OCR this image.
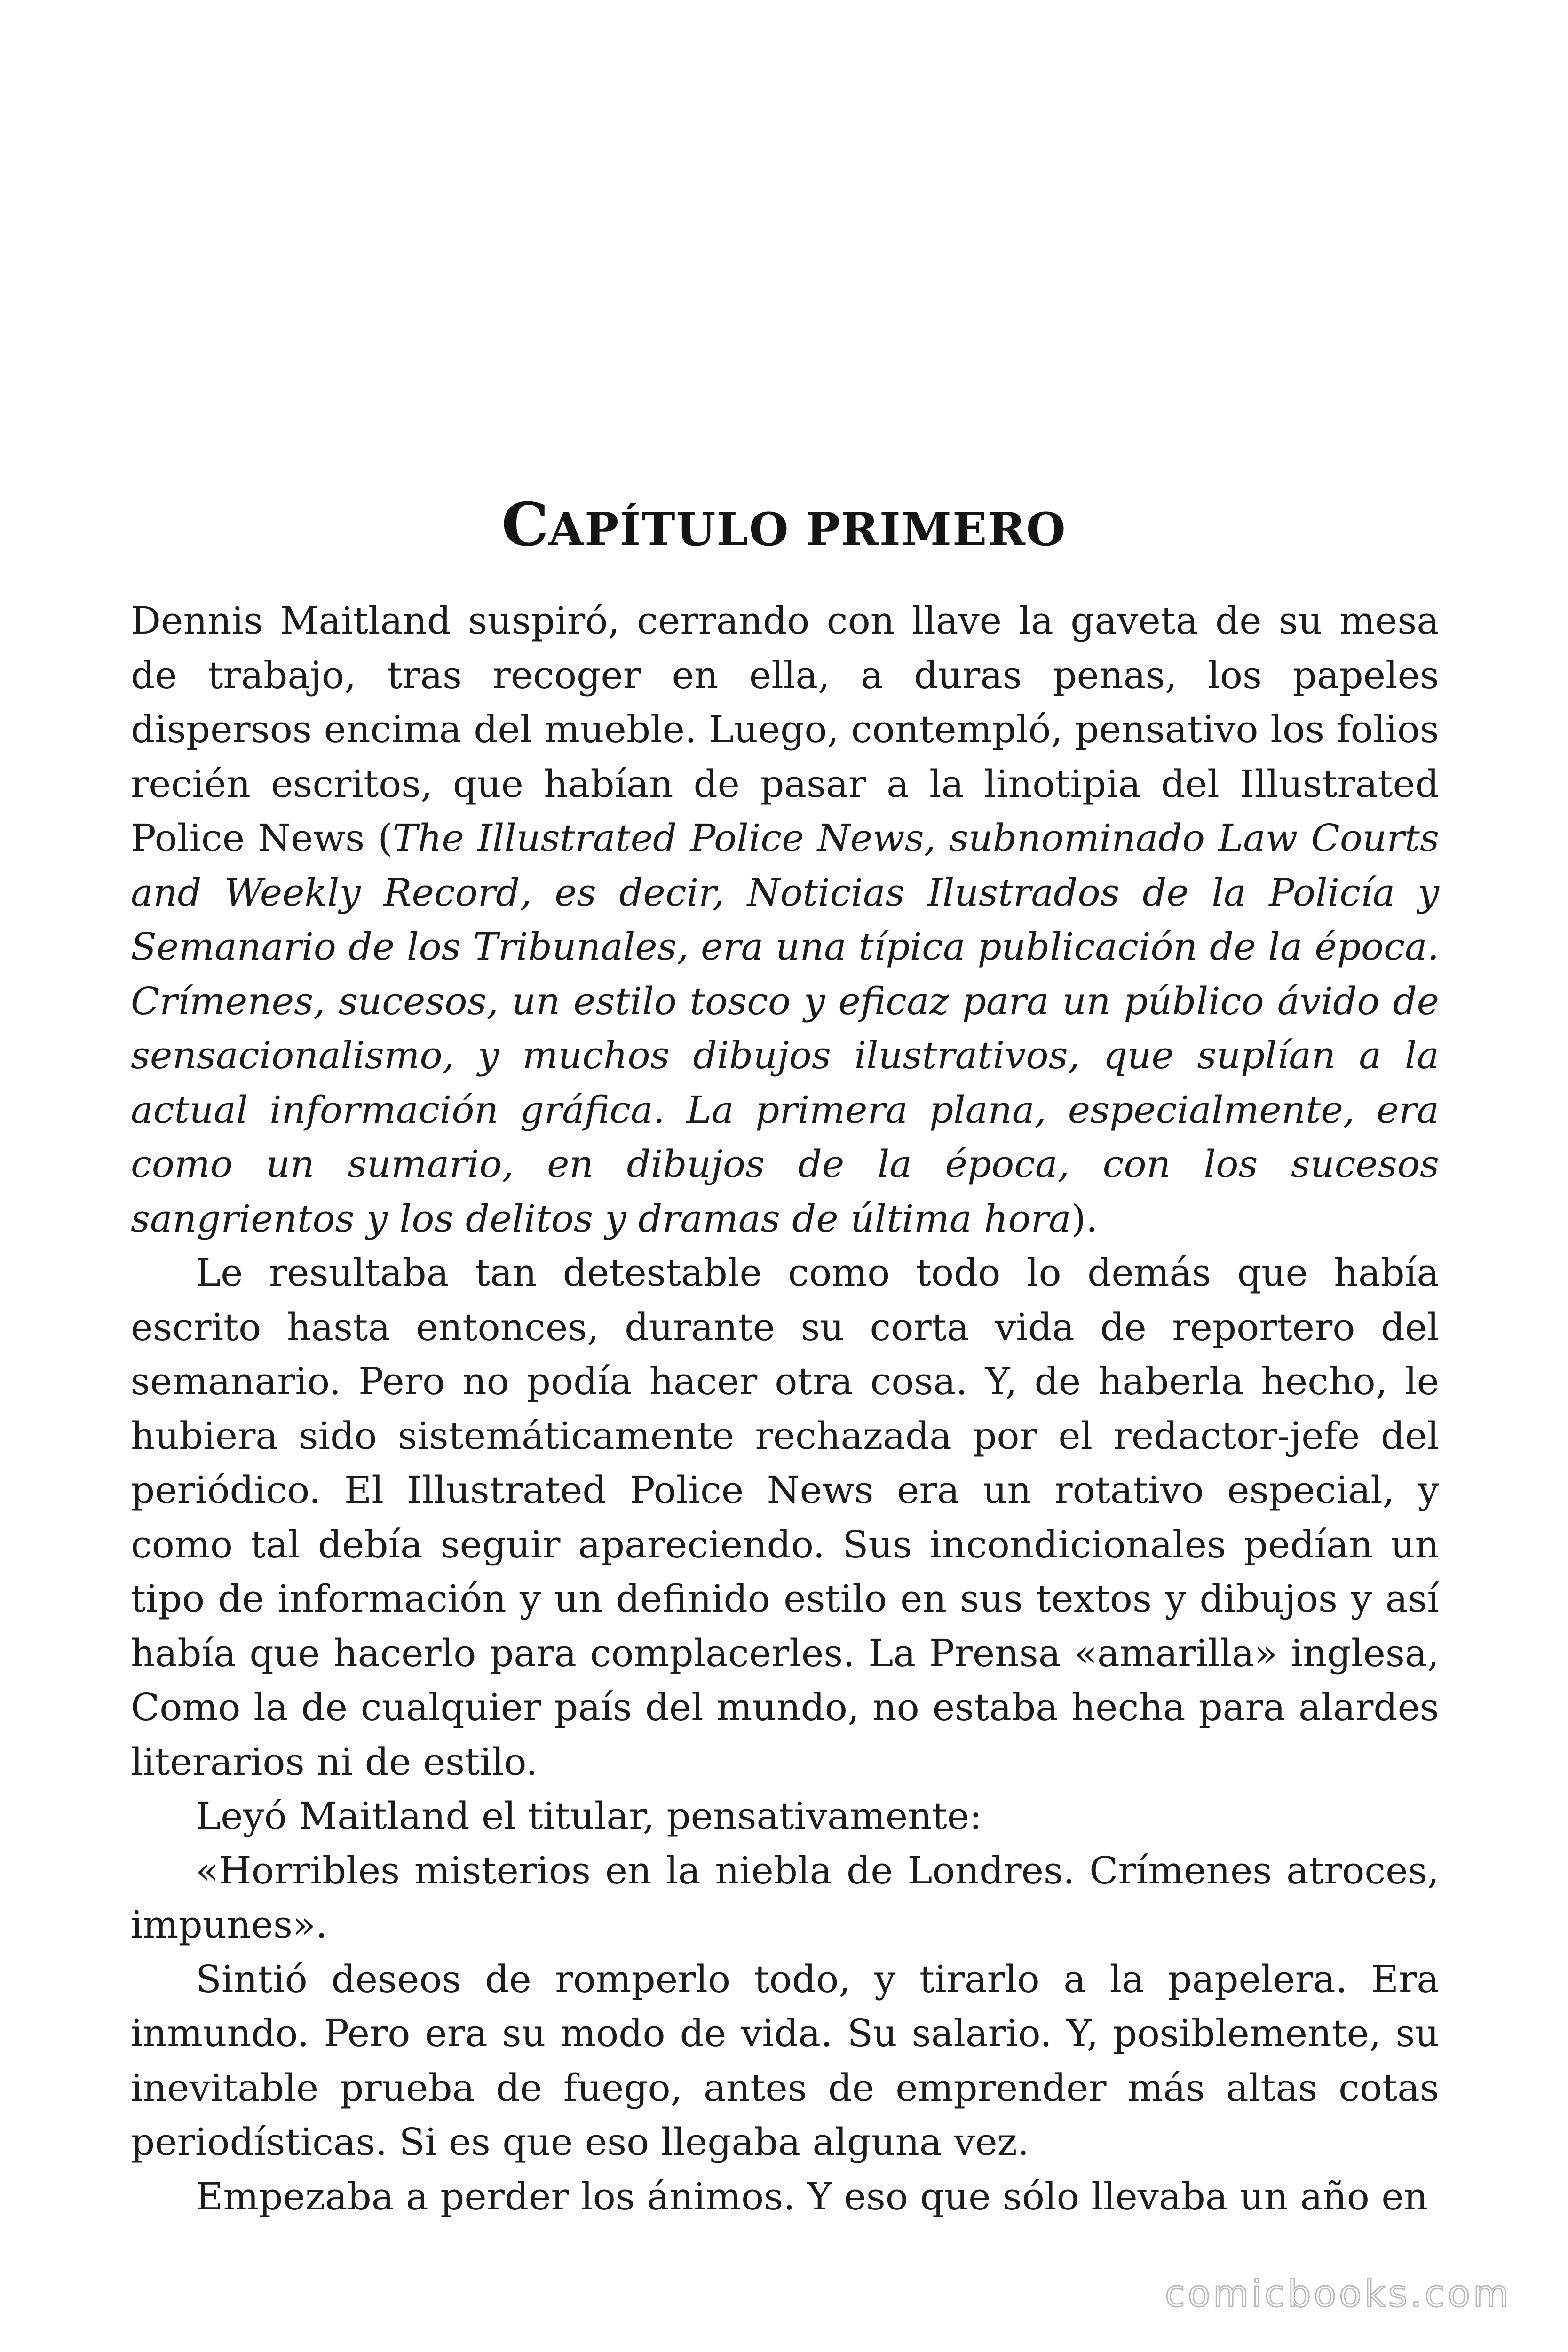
CAPÍTULO PRIMERO

Dennis Maitland suspiró, cerrando con llave la gaveta de su mesa de trabajo, tras recoger en ella, a duras penas, los papeles dispersos encima del mueble. Luego, contempló, pensativo los folios recién escritos, que habían de pasar a la linotipia del Illustrated Police News (The Illustrated Police News, subnominado Law Courts and Weekly Record, es decir, Noticias Ilustrados de la Policía y Semanario de los Tribunales, era una típica publicación de la época. Crímenes, sucesos, un estilo tosco y eficaz para un público ávido de sensacionalismo, y muchos dibujos ilustrativos, que suplían a la actual información gráfica. La primera plana, especialmente, era como un sumario, en dibujos de la época, con los sucesos sangrientos y los delitos y dramas de última hora).

Le resultaba tan detestable como todo lo demás que había escrito hasta entonces, durante su corta vida de reportero del semanario. Pero no podía hacer otra cosa. Y, de haberla hecho, le hubiera sido sistemáticamente rechazada por el redactor-jefe del periódico. El Illustrated Police News era un rotativo especial, y como tal debía seguir apareciendo. Sus incondicionales pedían un tipo de información y un definido estilo en sus textos y dibujos y así había que hacerlo para complacerles. La Prensa «amarilla» inglesa, Como la de cualquier país del mundo, no estaba hecha para alardes literarios ni de estilo.

Leyó Maitland el titular, pensativamente:

«Horribles misterios en la niebla de Londres. Crímenes atroces, impunes».

Sintió deseos de romperlo todo, y tirarlo a la papelera. Era inmundo. Pero era su modo de vida. Su salario. Y, posiblemente, su inevitable prueba de fuego, antes de emprender más altas cotas periodísticas. Si es que eso llegaba alguna vez.

Empezaba a perder los ánimos. Y eso que sólo llevaba un año en

comicbooks.com
